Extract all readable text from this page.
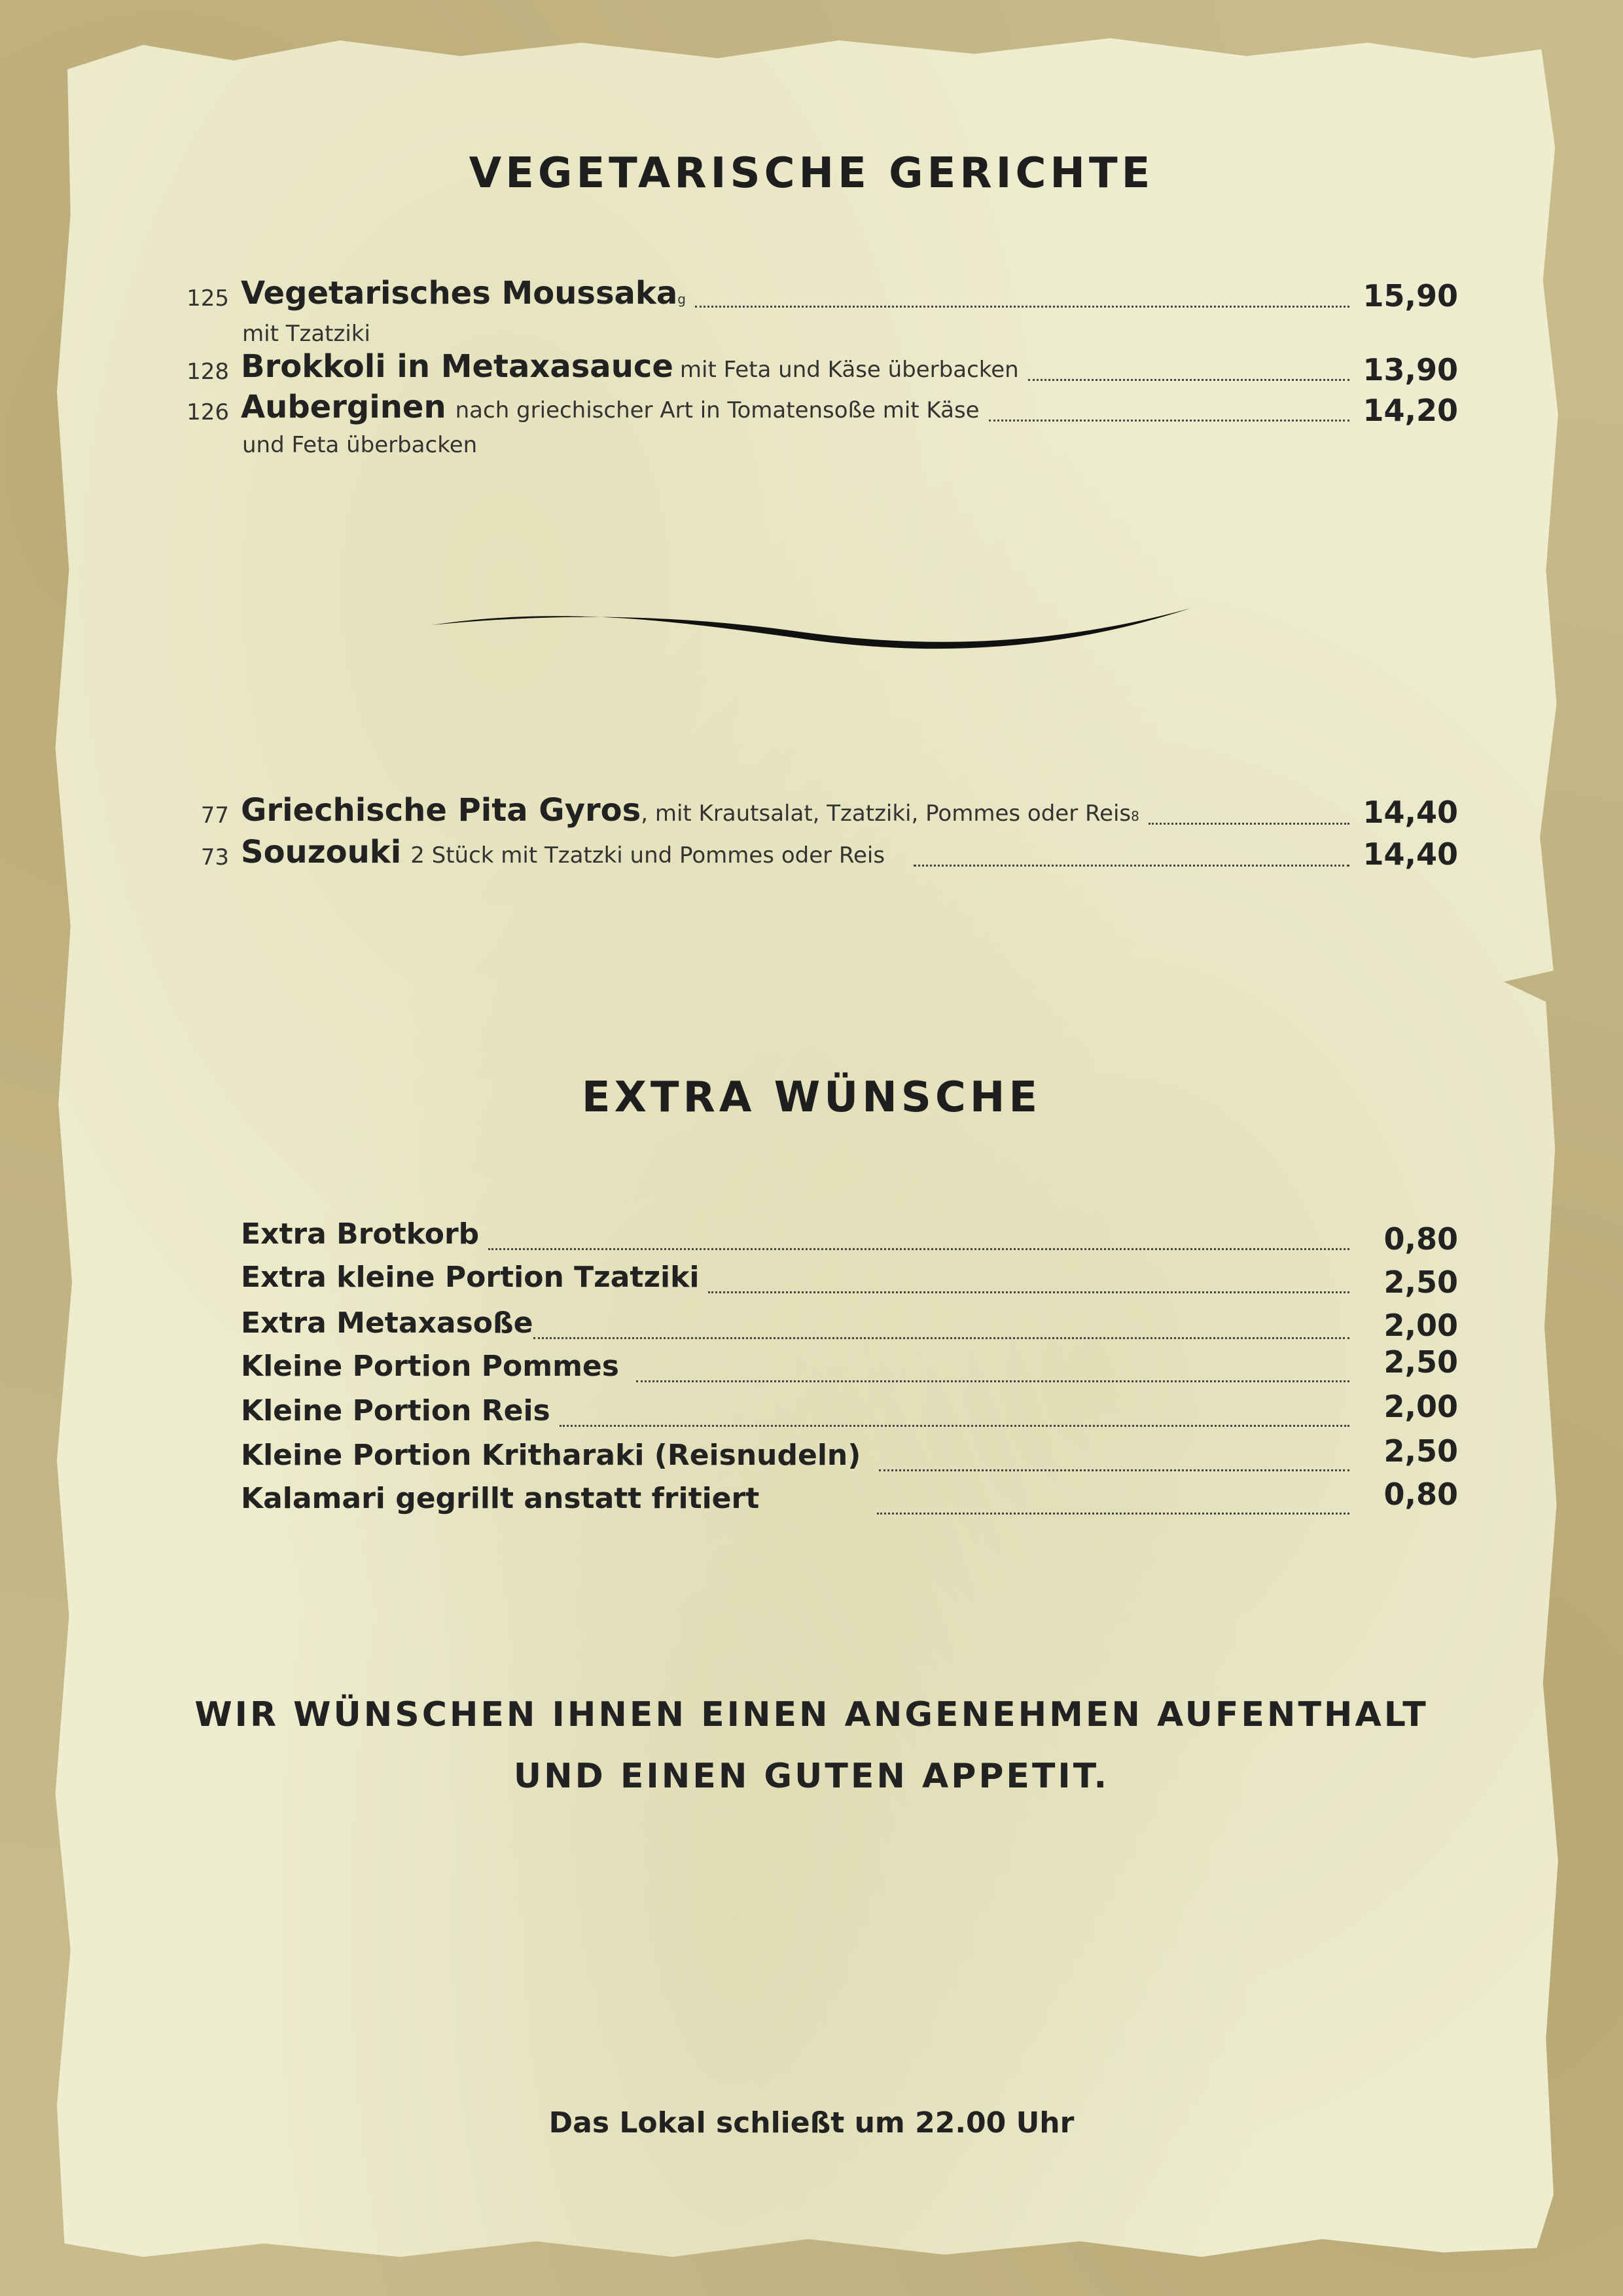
VEGETARISCHE GERICHTE
125 Vegetarisches Moussaka g	15,90
mit Tzatziki
128 Brokkoli in Metaxasauce mit Feta und Käse überbacken	13,90
126 Auberginen nach griechischer Art in Tomatensoße mit Käse	14,20
und Feta überbacken
77 Griechische Pita Gyros , mit Krautsalat, Tzatziki, Pommes oder Reis 8	14,40
73 Souzouki 2 Stück mit Tzatzki und Pommes oder Reis	14,40
EXTRA WÜNSCHE
Extra Brotkorb	0,80
Extra kleine Portion Tzatziki	2,50
Extra Metaxasoße	2,00
Kleine Portion Pommes	2,50
Kleine Portion Reis	2,00
Kleine Portion Kritharaki (Reisnudeln)	2,50
Kalamari gegrillt anstatt fritiert	0,80
WIR WÜNSCHEN IHNEN EINEN ANGENEHMEN AUFENTHALT
UND EINEN GUTEN APPETIT.
Das Lokal schließt um 22.00 Uhr
